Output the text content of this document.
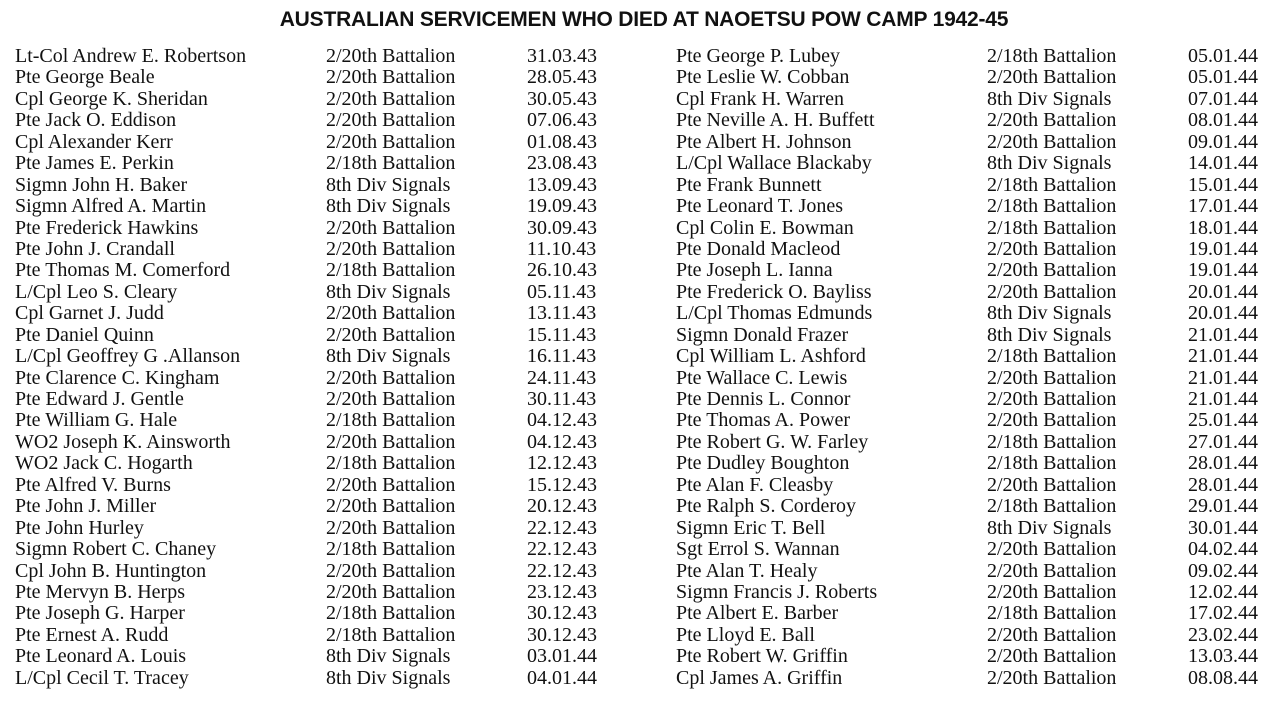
AUSTRALIAN SERVICEMEN WHO DIED AT NAOETSU POW CAMP 1942-45
Lt-Col Andrew E. Robertson	2/20th Battalion	31.03.43
Pte George Beale	2/20th Battalion	28.05.43
Cpl George K. Sheridan	2/20th Battalion	30.05.43
Pte Jack O. Eddison	2/20th Battalion	07.06.43
Cpl Alexander Kerr	2/20th Battalion	01.08.43
Pte James E. Perkin	2/18th Battalion	23.08.43
Sigmn John H. Baker	8th Div Signals	13.09.43
Sigmn Alfred A. Martin	8th Div Signals	19.09.43
Pte Frederick Hawkins	2/20th Battalion	30.09.43
Pte John J. Crandall	2/20th Battalion	11.10.43
Pte Thomas M. Comerford	2/18th Battalion	26.10.43
L/Cpl Leo S. Cleary	8th Div Signals	05.11.43
Cpl Garnet J. Judd	2/20th Battalion	13.11.43
Pte Daniel Quinn	2/20th Battalion	15.11.43
L/Cpl Geoffrey G .Allanson	8th Div Signals	16.11.43
Pte Clarence C. Kingham	2/20th Battalion	24.11.43
Pte Edward J. Gentle	2/20th Battalion	30.11.43
Pte William G. Hale	2/18th Battalion	04.12.43
WO2 Joseph K. Ainsworth	2/20th Battalion	04.12.43
WO2 Jack C. Hogarth	2/18th Battalion	12.12.43
Pte Alfred V. Burns	2/20th Battalion	15.12.43
Pte John J. Miller	2/20th Battalion	20.12.43
Pte John Hurley	2/20th Battalion	22.12.43
Sigmn Robert C. Chaney	2/18th Battalion	22.12.43
Cpl John B. Huntington	2/20th Battalion	22.12.43
Pte Mervyn B. Herps	2/20th Battalion	23.12.43
Pte Joseph G. Harper	2/18th Battalion	30.12.43
Pte Ernest A. Rudd	2/18th Battalion	30.12.43
Pte Leonard A. Louis	8th Div Signals	03.01.44
L/Cpl Cecil T. Tracey	8th Div Signals	04.01.44
Pte George P. Lubey	2/18th Battalion	05.01.44
Pte Leslie W. Cobban	2/20th Battalion	05.01.44
Cpl Frank H. Warren	8th Div Signals	07.01.44
Pte Neville A. H. Buffett	2/20th Battalion	08.01.44
Pte Albert H. Johnson	2/20th Battalion	09.01.44
L/Cpl Wallace Blackaby	8th Div Signals	14.01.44
Pte Frank Bunnett	2/18th Battalion	15.01.44
Pte Leonard T. Jones	2/18th Battalion	17.01.44
Cpl Colin E. Bowman	2/18th Battalion	18.01.44
Pte Donald Macleod	2/20th Battalion	19.01.44
Pte Joseph L. Ianna	2/20th Battalion	19.01.44
Pte Frederick O. Bayliss	2/20th Battalion	20.01.44
L/Cpl Thomas Edmunds	8th Div Signals	20.01.44
Sigmn Donald Frazer	8th Div Signals	21.01.44
Cpl William L. Ashford	2/18th Battalion	21.01.44
Pte Wallace C. Lewis	2/20th Battalion	21.01.44
Pte Dennis L. Connor	2/20th Battalion	21.01.44
Pte Thomas A. Power	2/20th Battalion	25.01.44
Pte Robert G. W. Farley	2/18th Battalion	27.01.44
Pte Dudley Boughton	2/18th Battalion	28.01.44
Pte Alan F. Cleasby	2/20th Battalion	28.01.44
Pte Ralph S. Corderoy	2/18th Battalion	29.01.44
Sigmn Eric T. Bell	8th Div Signals	30.01.44
Sgt Errol S. Wannan	2/20th Battalion	04.02.44
Pte Alan T. Healy	2/20th Battalion	09.02.44
Sigmn Francis J. Roberts	2/20th Battalion	12.02.44
Pte Albert E. Barber	2/18th Battalion	17.02.44
Pte Lloyd E. Ball	2/20th Battalion	23.02.44
Pte Robert W. Griffin	2/20th Battalion	13.03.44
Cpl James A. Griffin	2/20th Battalion	08.08.44
